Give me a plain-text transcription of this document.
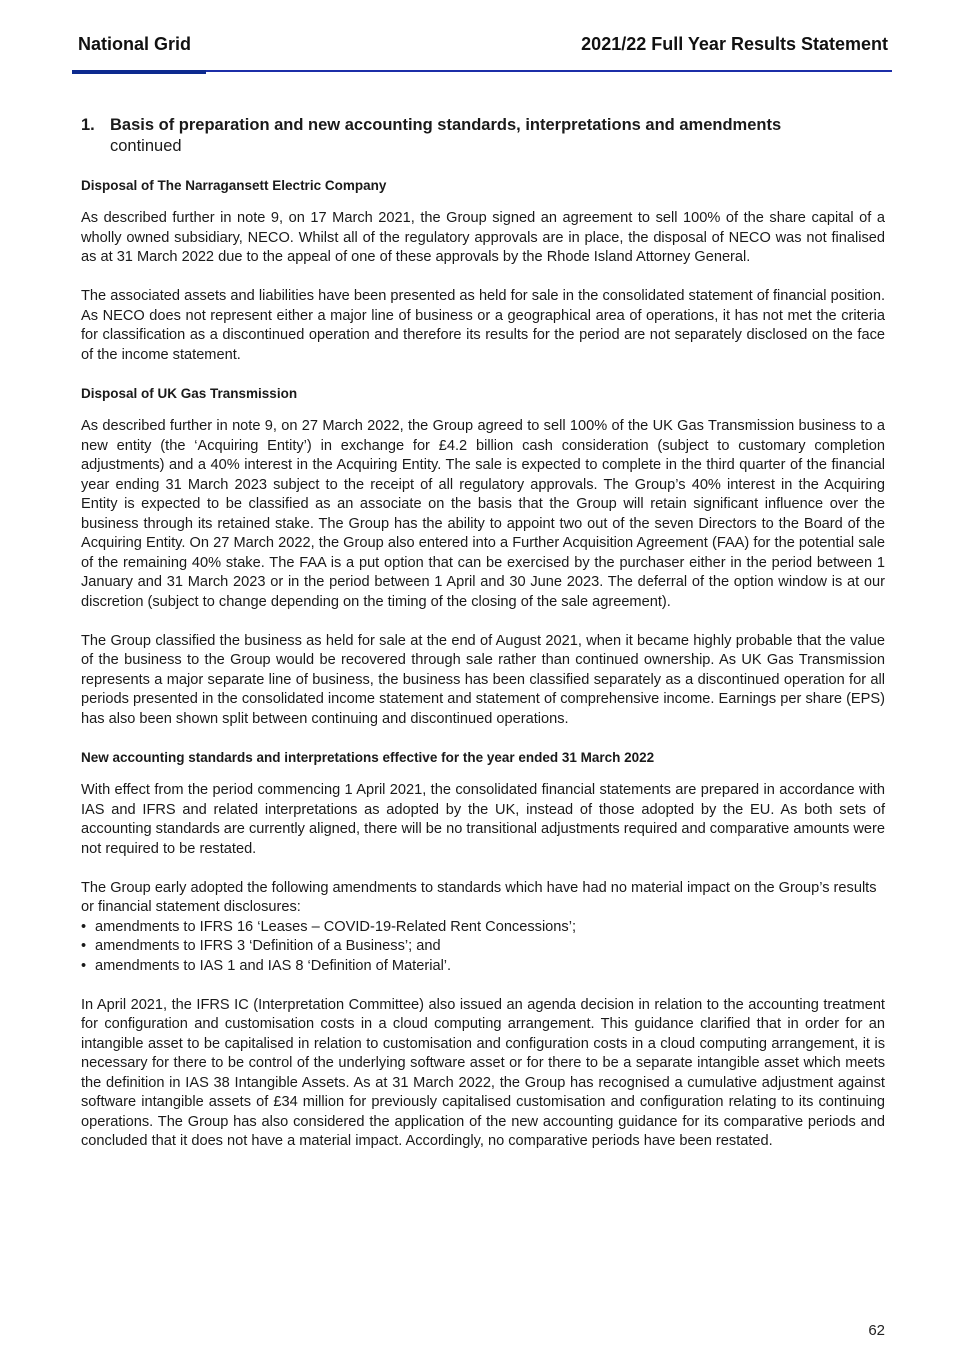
National Grid	2021/22 Full Year Results Statement
1. Basis of preparation and new accounting standards, interpretations and amendments
continued
Disposal of The Narragansett Electric Company

As described further in note 9, on 17 March 2021, the Group signed an agreement to sell 100% of the share capital of a wholly owned subsidiary, NECO. Whilst all of the regulatory approvals are in place, the disposal of NECO was not finalised as at 31 March 2022 due to the appeal of one of these approvals by the Rhode Island Attorney General.

The associated assets and liabilities have been presented as held for sale in the consolidated statement of financial position. As NECO does not represent either a major line of business or a geographical area of operations, it has not met the criteria for classification as a discontinued operation and therefore its results for the period are not separately disclosed on the face of the income statement.

Disposal of UK Gas Transmission

As described further in note 9, on 27 March 2022, the Group agreed to sell 100% of the UK Gas Transmission business to a new entity (the ‘Acquiring Entity’) in exchange for £4.2 billion cash consideration (subject to customary completion adjustments) and a 40% interest in the Acquiring Entity. The sale is expected to complete in the third quarter of the financial year ending 31 March 2023 subject to the receipt of all regulatory approvals. The Group’s 40% interest in the Acquiring Entity is expected to be classified as an associate on the basis that the Group will retain significant influence over the business through its retained stake. The Group has the ability to appoint two out of the seven Directors to the Board of the Acquiring Entity. On 27 March 2022, the Group also entered into a Further Acquisition Agreement (FAA) for the potential sale of the remaining 40% stake. The FAA is a put option that can be exercised by the purchaser either in the period between 1 January and 31 March 2023 or in the period between 1 April and 30 June 2023. The deferral of the option window is at our discretion (subject to change depending on the timing of the closing of the sale agreement).

The Group classified the business as held for sale at the end of August 2021, when it became highly probable that the value of the business to the Group would be recovered through sale rather than continued ownership. As UK Gas Transmission represents a major separate line of business, the business has been classified separately as a discontinued operation for all periods presented in the consolidated income statement and statement of comprehensive income. Earnings per share (EPS) has also been shown split between continuing and discontinued operations.

New accounting standards and interpretations effective for the year ended 31 March 2022

With effect from the period commencing 1 April 2021, the consolidated financial statements are prepared in accordance with IAS and IFRS and related interpretations as adopted by the UK, instead of those adopted by the EU. As both sets of accounting standards are currently aligned, there will be no transitional adjustments required and comparative amounts were not required to be restated.

The Group early adopted the following amendments to standards which have had no material impact on the Group’s results or financial statement disclosures:

• amendments to IFRS 16 ‘Leases – COVID-19-Related Rent Concessions’;
• amendments to IFRS 3 ‘Definition of a Business’; and
• amendments to IAS 1 and IAS 8 ‘Definition of Material’.

In April 2021, the IFRS IC (Interpretation Committee) also issued an agenda decision in relation to the accounting treatment for configuration and customisation costs in a cloud computing arrangement. This guidance clarified that in order for an intangible asset to be capitalised in relation to customisation and configuration costs in a cloud computing arrangement, it is necessary for there to be control of the underlying software asset or for there to be a separate intangible asset which meets the definition in IAS 38 Intangible Assets. As at 31 March 2022, the Group has recognised a cumulative adjustment against software intangible assets of £34 million for previously capitalised customisation and configuration relating to its continuing operations. The Group has also considered the application of the new accounting guidance for its comparative periods and concluded that it does not have a material impact. Accordingly, no comparative periods have been restated.

62
